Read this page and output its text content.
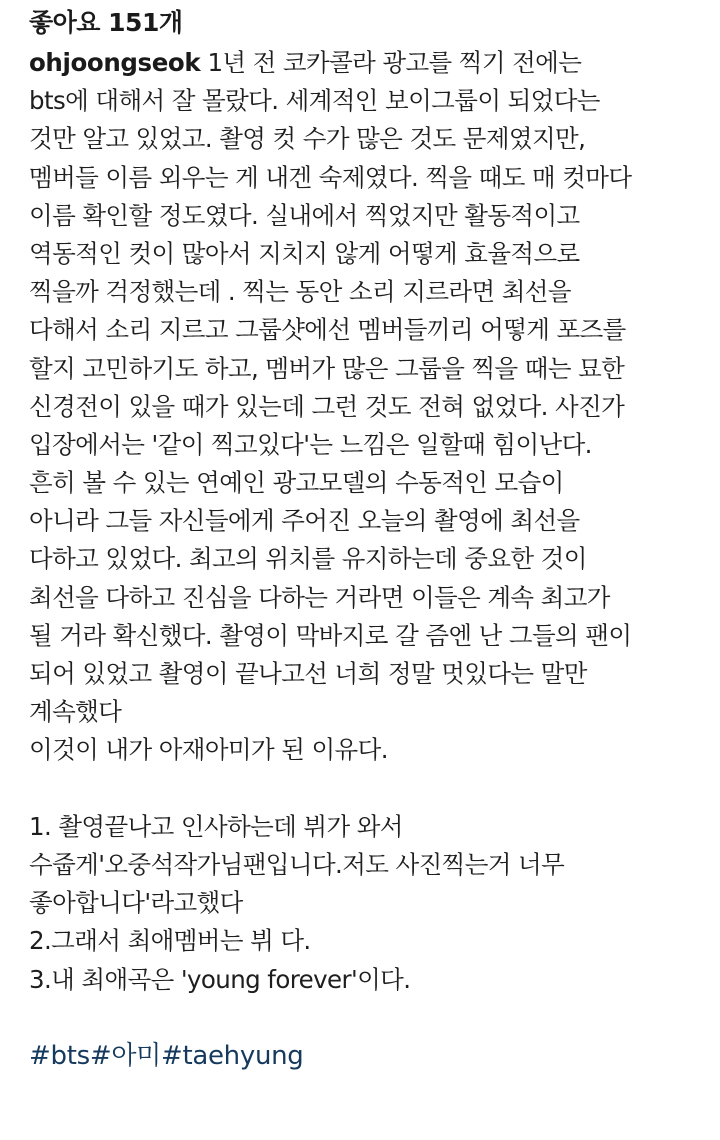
좋아요 151개
ohjoongseok 1년 전 코카콜라 광고를 찍기 전에는
bts에 대해서 잘 몰랐다. 세계적인 보이그룹이 되었다는
것만 알고 있었고. 촬영 컷 수가 많은 것도 문제였지만,
멤버들 이름 외우는 게 내겐 숙제였다. 찍을 때도 매 컷마다
이름 확인할 정도였다. 실내에서 찍었지만 활동적이고
역동적인 컷이 많아서 지치지 않게 어떻게 효율적으로
찍을까 걱정했는데 . 찍는 동안 소리 지르라면 최선을
다해서 소리 지르고 그룹샷에선 멤버들끼리 어떻게 포즈를
할지 고민하기도 하고, 멤버가 많은 그룹을 찍을 때는 묘한
신경전이 있을 때가 있는데 그런 것도 전혀 없었다. 사진가
입장에서는 '같이 찍고있다'는 느낌은 일할때 힘이난다.
흔히 볼 수 있는 연예인 광고모델의 수동적인 모습이
아니라 그들 자신들에게 주어진 오늘의 촬영에 최선을
다하고 있었다. 최고의 위치를 유지하는데 중요한 것이
최선을 다하고 진심을 다하는 거라면 이들은 계속 최고가
될 거라 확신했다. 촬영이 막바지로 갈 즘엔 난 그들의 팬이
되어 있었고 촬영이 끝나고선 너희 정말 멋있다는 말만
계속했다
이것이 내가 아재아미가 된 이유다.
1. 촬영끝나고 인사하는데 뷔가 와서
수줍게'오중석작가님팬입니다.저도 사진찍는거 너무
좋아합니다'라고했다
2.그래서 최애멤버는 뷔 다.
3.내 최애곡은 'young forever'이다.
#bts#아미#taehyung
